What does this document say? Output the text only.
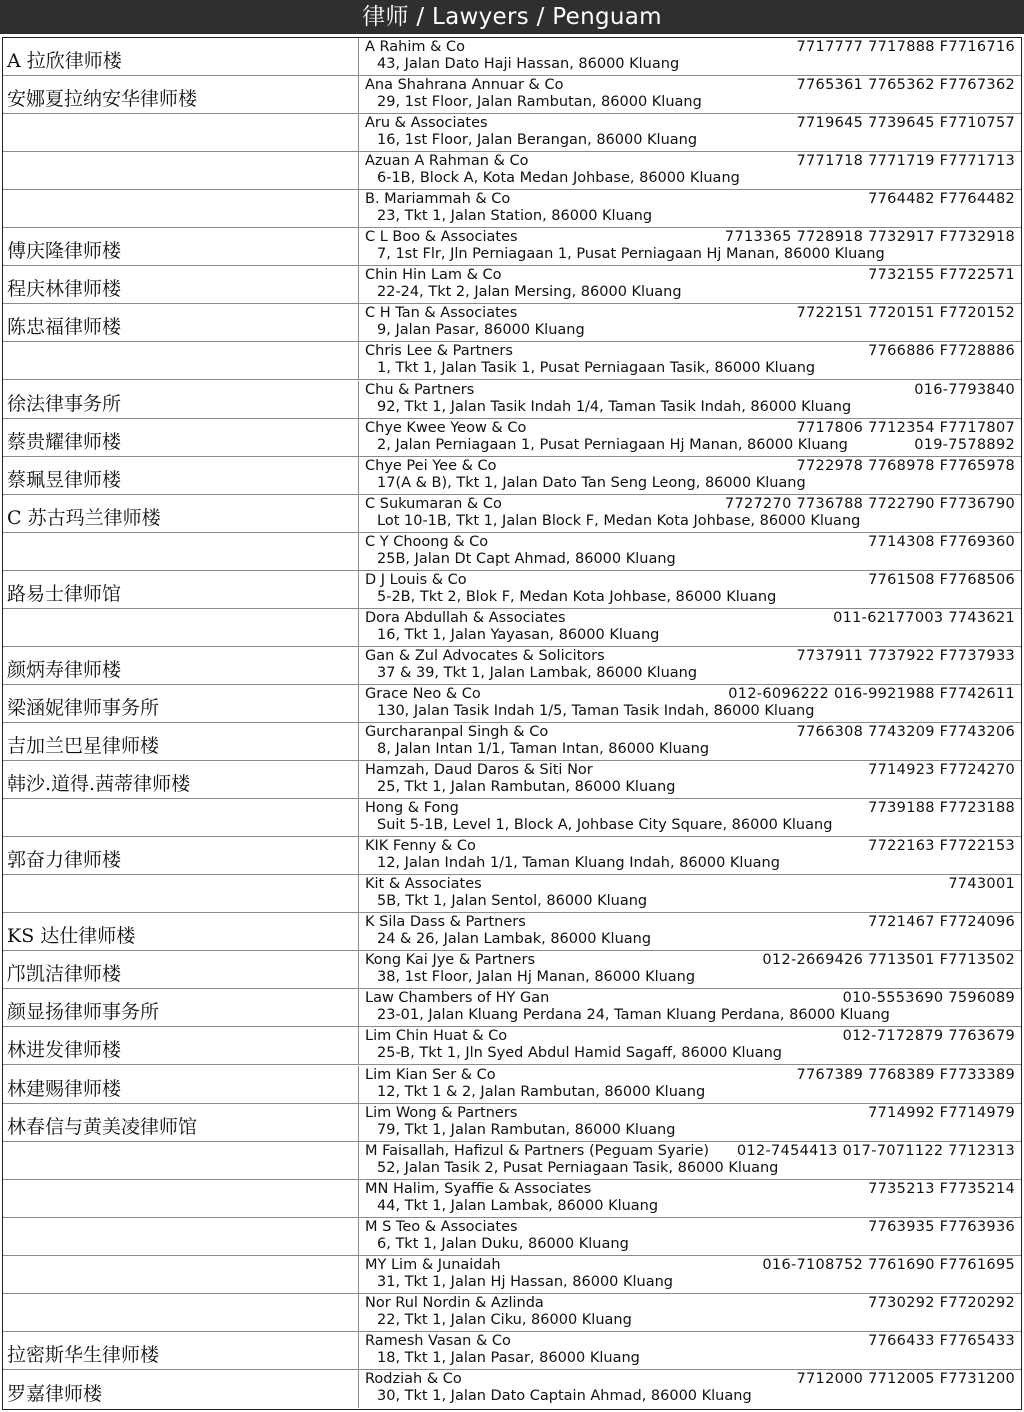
律师 / Lawyers / Penguam
A 拉欣律师楼
A Rahim & Co
43, Jalan Dato Haji Hassan, 86000 Kluang
7717777 7717888 F7716716
安娜夏拉纳安华律师楼
Ana Shahrana Annuar & Co
29, 1st Floor, Jalan Rambutan, 86000 Kluang
7765361 7765362 F7767362
Aru & Associates
16, 1st Floor, Jalan Berangan, 86000 Kluang
7719645 7739645 F7710757
Azuan A Rahman & Co
6-1B, Block A, Kota Medan Johbase, 86000 Kluang
7771718 7771719 F7771713
B. Mariammah & Co
23, Tkt 1, Jalan Station, 86000 Kluang
7764482 F7764482
傅庆隆律师楼
C L Boo & Associates
7, 1st Flr, Jln Perniagaan 1, Pusat Perniagaan Hj Manan, 86000 Kluang
7713365 7728918 7732917 F7732918
程庆林律师楼
Chin Hin Lam & Co
22-24, Tkt 2, Jalan Mersing, 86000 Kluang
7732155 F7722571
陈忠福律师楼
C H Tan & Associates
9, Jalan Pasar, 86000 Kluang
7722151 7720151 F7720152
Chris Lee & Partners
1, Tkt 1, Jalan Tasik 1, Pusat Perniagaan Tasik, 86000 Kluang
7766886 F7728886
徐法律事务所
Chu & Partners
92, Tkt 1, Jalan Tasik Indah 1/4, Taman Tasik Indah, 86000 Kluang
016-7793840
蔡贵耀律师楼
Chye Kwee Yeow & Co
2, Jalan Perniagaan 1, Pusat Perniagaan Hj Manan, 86000 Kluang
7717806 7712354 F7717807
019-7578892
蔡珮昱律师楼
Chye Pei Yee & Co
17(A & B), Tkt 1, Jalan Dato Tan Seng Leong, 86000 Kluang
7722978 7768978 F7765978
C 苏古玛兰律师楼
C Sukumaran & Co
Lot 10-1B, Tkt 1, Jalan Block F, Medan Kota Johbase, 86000 Kluang
7727270 7736788 7722790 F7736790
C Y Choong & Co
25B, Jalan Dt Capt Ahmad, 86000 Kluang
7714308 F7769360
路易士律师馆
D J Louis & Co
5-2B, Tkt 2, Blok F, Medan Kota Johbase, 86000 Kluang
7761508 F7768506
Dora Abdullah & Associates
16, Tkt 1, Jalan Yayasan, 86000 Kluang
011-62177003 7743621
颜炳寿律师楼
Gan & Zul Advocates & Solicitors
37 & 39, Tkt 1, Jalan Lambak, 86000 Kluang
7737911 7737922 F7737933
梁涵妮律师事务所
Grace Neo & Co
130, Jalan Tasik Indah 1/5, Taman Tasik Indah, 86000 Kluang
012-6096222 016-9921988 F7742611
吉加兰巴星律师楼
Gurcharanpal Singh & Co
8, Jalan Intan 1/1, Taman Intan, 86000 Kluang
7766308 7743209 F7743206
韩沙.道得.茜蒂律师楼
Hamzah, Daud Daros & Siti Nor
25, Tkt 1, Jalan Rambutan, 86000 Kluang
7714923 F7724270
Hong & Fong
Suit 5-1B, Level 1, Block A, Johbase City Square, 86000 Kluang
7739188 F7723188
郭奋力律师楼
KIK Fenny & Co
12, Jalan Indah 1/1, Taman Kluang Indah, 86000 Kluang
7722163 F7722153
Kit & Associates
5B, Tkt 1, Jalan Sentol, 86000 Kluang
7743001
KS 达仕律师楼
K Sila Dass & Partners
24 & 26, Jalan Lambak, 86000 Kluang
7721467 F7724096
邝凯洁律师楼
Kong Kai Jye & Partners
38, 1st Floor, Jalan Hj Manan, 86000 Kluang
012-2669426 7713501 F7713502
颜显扬律师事务所
Law Chambers of HY Gan
23-01, Jalan Kluang Perdana 24, Taman Kluang Perdana, 86000 Kluang
010-5553690 7596089
林进发律师楼
Lim Chin Huat & Co
25-B, Tkt 1, Jln Syed Abdul Hamid Sagaff, 86000 Kluang
012-7172879 7763679
林建赐律师楼
Lim Kian Ser & Co
12, Tkt 1 & 2, Jalan Rambutan, 86000 Kluang
7767389 7768389 F7733389
林春信与黄美凌律师馆
Lim Wong & Partners
79, Tkt 1, Jalan Rambutan, 86000 Kluang
7714992 F7714979
M Faisallah, Hafizul & Partners (Peguam Syarie)
52, Jalan Tasik 2, Pusat Perniagaan Tasik, 86000 Kluang
012-7454413 017-7071122 7712313
MN Halim, Syaffie & Associates
44, Tkt 1, Jalan Lambak, 86000 Kluang
7735213 F7735214
M S Teo & Associates
6, Tkt 1, Jalan Duku, 86000 Kluang
7763935 F7763936
MY Lim & Junaidah
31, Tkt 1, Jalan Hj Hassan, 86000 Kluang
016-7108752 7761690 F7761695
Nor Rul Nordin & Azlinda
22, Tkt 1, Jalan Ciku, 86000 Kluang
7730292 F7720292
拉密斯华生律师楼
Ramesh Vasan & Co
18, Tkt 1, Jalan Pasar, 86000 Kluang
7766433 F7765433
罗嘉律师楼
Rodziah & Co
30, Tkt 1, Jalan Dato Captain Ahmad, 86000 Kluang
7712000 7712005 F7731200
